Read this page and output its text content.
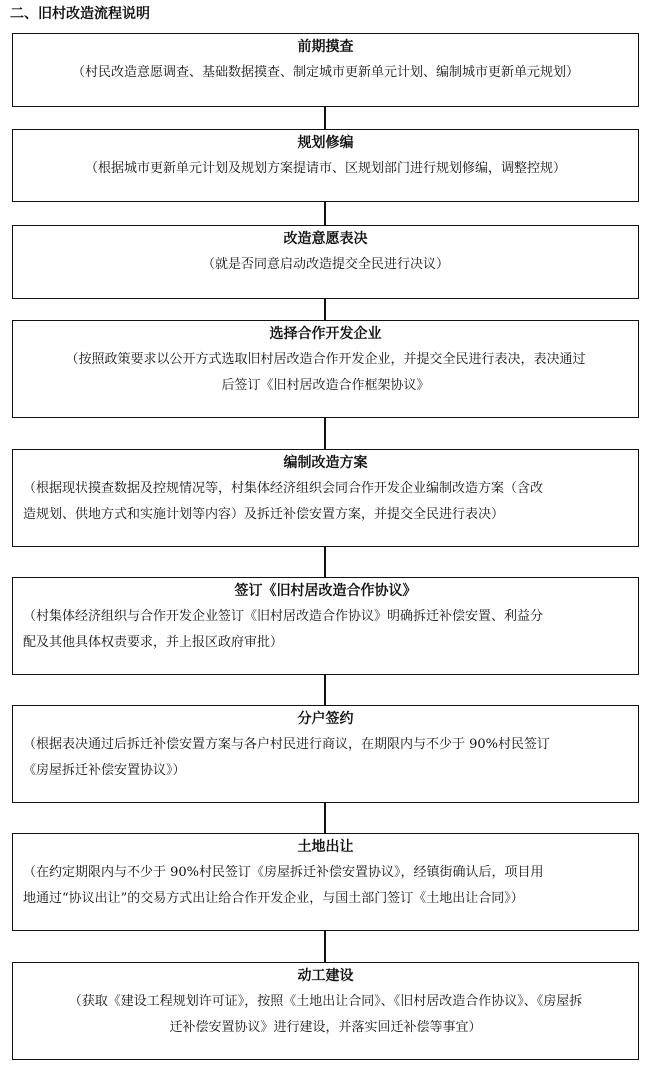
二、旧村改造流程说明
前期摸查
（村民改造意愿调查、基础数据摸查、制定城市更新单元计划、编制城市更新单元规划）
规划修编
（根据城市更新单元计划及规划方案提请市、区规划部门进行规划修编，调整控规）
改造意愿表决
（就是否同意启动改造提交全民进行决议）
选择合作开发企业
（按照政策要求以公开方式选取旧村居改造合作开发企业，并提交全民进行表决，表决通过
后签订《旧村居改造合作框架协议》
编制改造方案
（根据现状摸查数据及控规情况等，村集体经济组织会同合作开发企业编制改造方案（含改
造规划、供地方式和实施计划等内容）及拆迁补偿安置方案，并提交全民进行表决）
签订《旧村居改造合作协议》
（村集体经济组织与合作开发企业签订《旧村居改造合作协议》明确拆迁补偿安置、利益分
配及其他具体权责要求，并上报区政府审批）
分户签约
（根据表决通过后拆迁补偿安置方案与各户村民进行商议，在期限内与不少于 90%村民签订
《房屋拆迁补偿安置协议》）
土地出让
（在约定期限内与不少于 90%村民签订《房屋拆迁补偿安置协议》，经镇街确认后，项目用
地通过“协议出让”的交易方式出让给合作开发企业，与国土部门签订《土地出让合同》）
动工建设
（获取《建设工程规划许可证》，按照《土地出让合同》、《旧村居改造合作协议》、《房屋拆
迁补偿安置协议》进行建设，并落实回迁补偿等事宜）
